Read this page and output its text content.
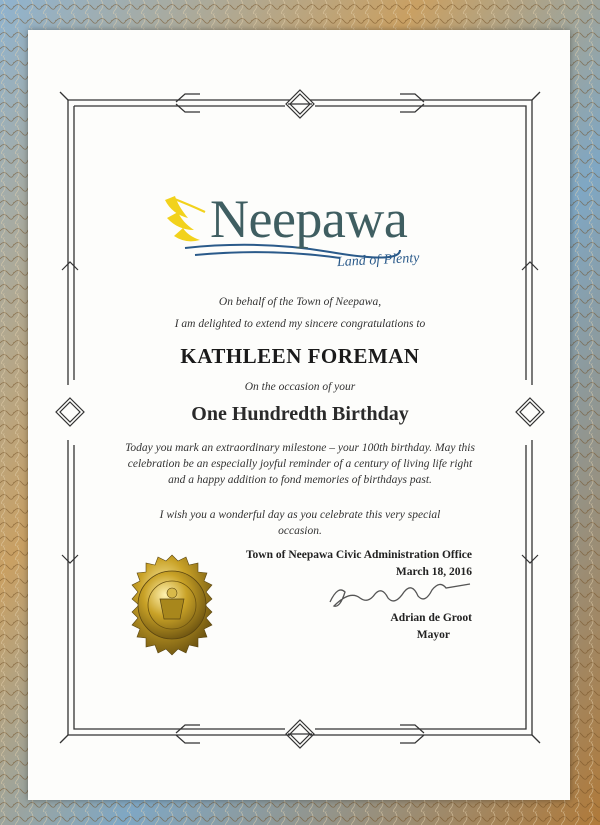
Neepawa
Land of Plenty
On behalf of the Town of Neepawa,
I am delighted to extend my sincere congratulations to
KATHLEEN FOREMAN
On the occasion of your
One Hundredth Birthday
Today you mark an extraordinary milestone – your 100th birthday. May this celebration be an especially joyful reminder of a century of living life right and a happy addition to fond memories of birthdays past.
I wish you a wonderful day as you celebrate this very special occasion.
Town of Neepawa Civic Administration Office
March 18, 2016
Adrian de Groot
Mayor
